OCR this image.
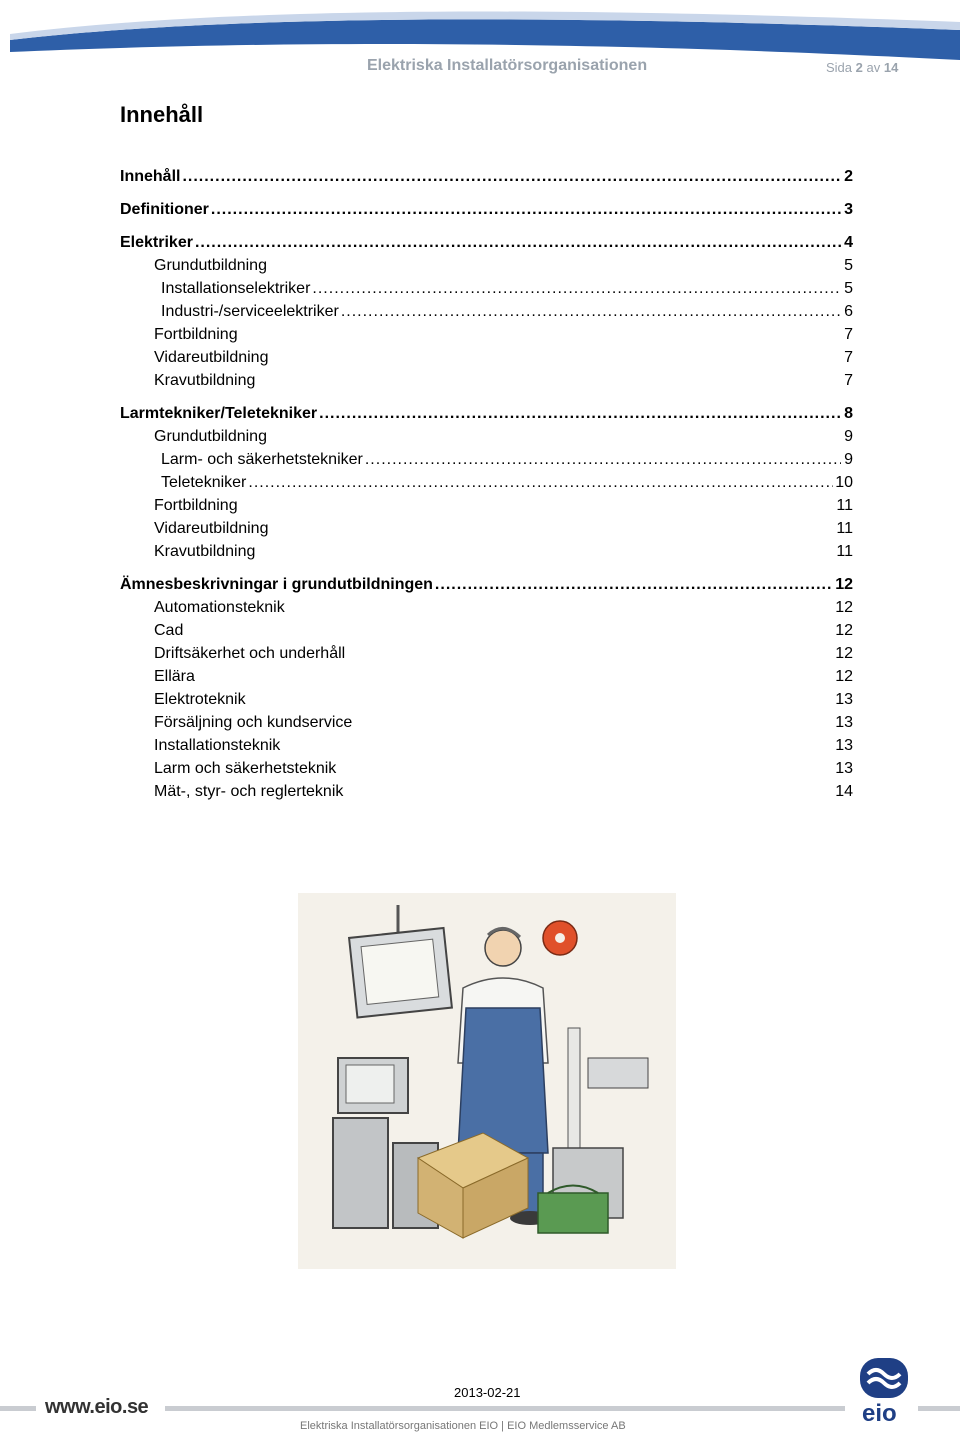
Elektriska Installatörsorganisationen	Sida 2 av 14
Innehåll
Innehåll .....	2
Definitioner .....	3
Elektriker .....	4
Grundutbildning	5
Installationselektriker .....	5
Industri-/serviceelektriker .....	6
Fortbildning	7
Vidareutbildning	7
Kravutbildning	7
Larmtekniker/Teletekniker .....	8
Grundutbildning	9
Larm- och säkerhetstekniker .....	9
Teletekniker .....	10
Fortbildning	11
Vidareutbildning	11
Kravutbildning	11
Ämnesbeskrivningar i grundutbildningen .....	12
Automationsteknik	12
Cad	12
Driftsäkerhet och underhåll	12
Ellära	12
Elektroteknik	13
Försäljning och kundservice	13
Installationsteknik	13
Larm och säkerhetsteknik	13
Mät-, styr- och reglerteknik	14
www.eio.se
2013-02-21
Elektriska Installatörsorganisationen EIO | EIO Medlemsservice AB	eio
